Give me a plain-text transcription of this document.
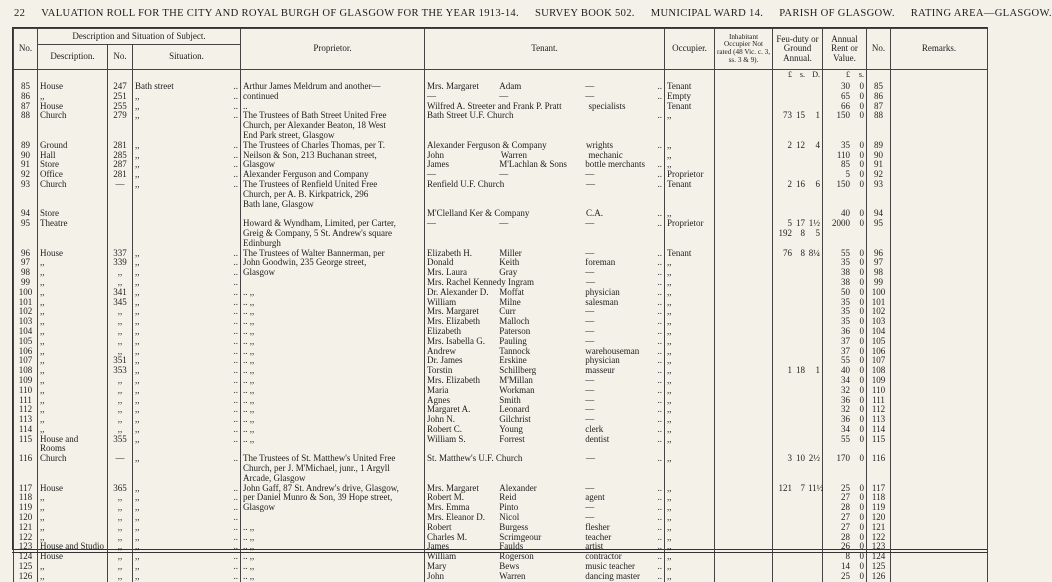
22 VALUATION ROLL FOR THE CITY AND ROYAL BURGH OF GLASGOW FOR THE YEAR 1913-14. SURVEY BOOK 502. MUNICIPAL WARD 14. PARISH OF GLASGOW. RATING AREA—GLASGOW.
No.	Description and Situation of Subject.			Proprietor.	Tenant.	Occupier.	Inhabitant Occupier Not rated (48 Vic. c. 3, ss. 3 & 9).	Feu-duty or Ground Annual.	Annual Rent or Value.	No.	Remarks.
	Description.	No.	Situation.								

								£ s. D.	£ s.		

85	House	247	Bath street ..	Arthur James Meldrum and another—	Mrs. Margaret Adam — ..	Tenant			30 0	85	
86	,,	251	,, ..	continued	— — — ..	Empty			65 0	86	
87	House	255	,, ..	..	Wilfred A. Streeter and Frank P. Pratt specialists	Tenant			66 0	87	
88	Church	279	,, ..	The Trustees of Bath Street United Free	Bath Street U.F. Church ..	,,		73 15 1	150 0	88	

	Church, per Alexander Beaton, 18 West	

	End Park street, Glasgow	

89	Ground	281	,, ..	The Trustees of Charles Thomas, per T.	Alexander Ferguson & Company wrights ..	,,		2 12 4	35 0	89	
90	Hall	285	,, ..	Neilson & Son, 213 Buchanan street,	John Warren mechanic	,,			110 0	90	
91	Store	287	,, ..	Glasgow	James M'Lachlan & Sons bottle merchants ..	,,			85 0	91	
92	Office	281	,, ..	Alexander Ferguson and Company	— — — ..	Proprietor			5 0	92	
93	Church	—	,, ..	The Trustees of Renfield United Free	Renfield U.F. Church — ..	Tenant		2 16 6	150 0	93	

	Church, per A. B. Kirkpatrick, 296	

	Bath lane, Glasgow	

94	Store				M'Clelland Ker & Company C.A. ..	,,			40 0	94	
95	Theatre			Howard & Wyndham, Limited, per Carter,	— — — ..	Proprietor		5 17 1½	2000 0	95	

	Greig & Company, 5 St. Andrew's square				192 8 5			

	Edinburgh	

96	House	337	,, ..	The Trustees of Walter Bannerman, per	Elizabeth H. Miller — ..	Tenant		76 8 8¼	55 0	96	
97	,,	339	,, ..	John Goodwin, 235 George street,	Donald Keith foreman ..	,,			35 0	97	
98	,,	,,	,, ..	Glasgow	Mrs. Laura Gray — ..	,,			38 0	98	
99	,,	,,	,, ..		Mrs. Rachel Kennedy Ingram — ..	,,			38 0	99	
100	,,	341	,, ..	.. ,,	Dr. Alexander D. Moffat physician ..	,,			50 0	100	
101	,,	345	,, ..	.. ,,	William Milne salesman ..	,,			35 0	101	
102	,,	,,	,, ..	.. ,,	Mrs. Margaret Curr — ..	,,			35 0	102	
103	,,	,,	,, ..	.. ,,	Mrs. Elizabeth Malloch — ..	,,			35 0	103	
104	,,	,,	,, ..	.. ,,	Elizabeth Paterson — ..	,,			36 0	104	
105	,,	,,	,, ..	.. ,,	Mrs. Isabella G. Pauling — ..	,,			37 0	105	
106	,,	,,	,, ..	.. ,,	Andrew Tannock warehouseman ..	,,			37 0	106	
107	,,	351	,, ..	.. ,,	Dr. James Erskine physician ..	,,			55 0	107	
108	,,	353	,, ..	.. ,,	Torstin Schillberg masseur ..	,,		1 18 1	40 0	108	
109	,,	,,	,, ..	.. ,,	Mrs. Elizabeth M'Millan — ..	,,			34 0	109	
110	,,	,,	,, ..	.. ,,	Maria Workman — ..	,,			32 0	110	
111	,,	,,	,, ..	.. ,,	Agnes Smith — ..	,,			36 0	111	
112	,,	,,	,, ..	.. ,,	Margaret A. Leonard — ..	,,			32 0	112	
113	,,	,,	,, ..	.. ,,	John N. Gilchrist — ..	,,			36 0	113	
114	,,	,,	,, ..	.. ,,	Robert C. Young clerk ..	,,			34 0	114	
115	House and	355	,, ..	.. ,,	William S. Forrest dentist ..	,,			55 0	115	
	Rooms		

116	Church	—	,, ..	The Trustees of St. Matthew's United Free	St. Matthew's U.F. Church — ..	,,		3 10 2½	170 0	116	

	Church, per J. M'Michael, junr., 1 Argyll	

	Arcade, Glasgow	

117	House	365	,, ..	John Gaff, 87 St. Andrew's drive, Glasgow,	Mrs. Margaret Alexander — ..	,,		121 7 11½	25 0	117	
118	,,	,,	,, ..	per Daniel Munro & Son, 39 Hope street,	Robert M. Reid agent ..	,,			27 0	118	
119	,,	,,	,, ..	Glasgow	Mrs. Emma Pinto — ..	,,			28 0	119	
120	,,	,,	,, ..		Mrs. Eleanor D. Nicol — ..	,,			27 0	120	
121	,,	,,	,, ..	.. ,,	Robert Burgess flesher ..	,,			27 0	121	
122	,,	,,	,, ..	.. ,,	Charles M. Scrimgeour teacher ..	,,			28 0	122	
123	House and Studio	,,	,, ..	.. ,,	James Faulds artist ..	,,			26 0	123	
124	House	,,	,, ..	.. ,,	William Rogerson contractor ..	,,			8 0	124	
125	,,	,,	,, ..	.. ,,	Mary Bews music teacher ..	,,			14 0	125	
126	,,	,,	,, ..	.. ,,	John Warren dancing master ..	,,			25 0	126	
